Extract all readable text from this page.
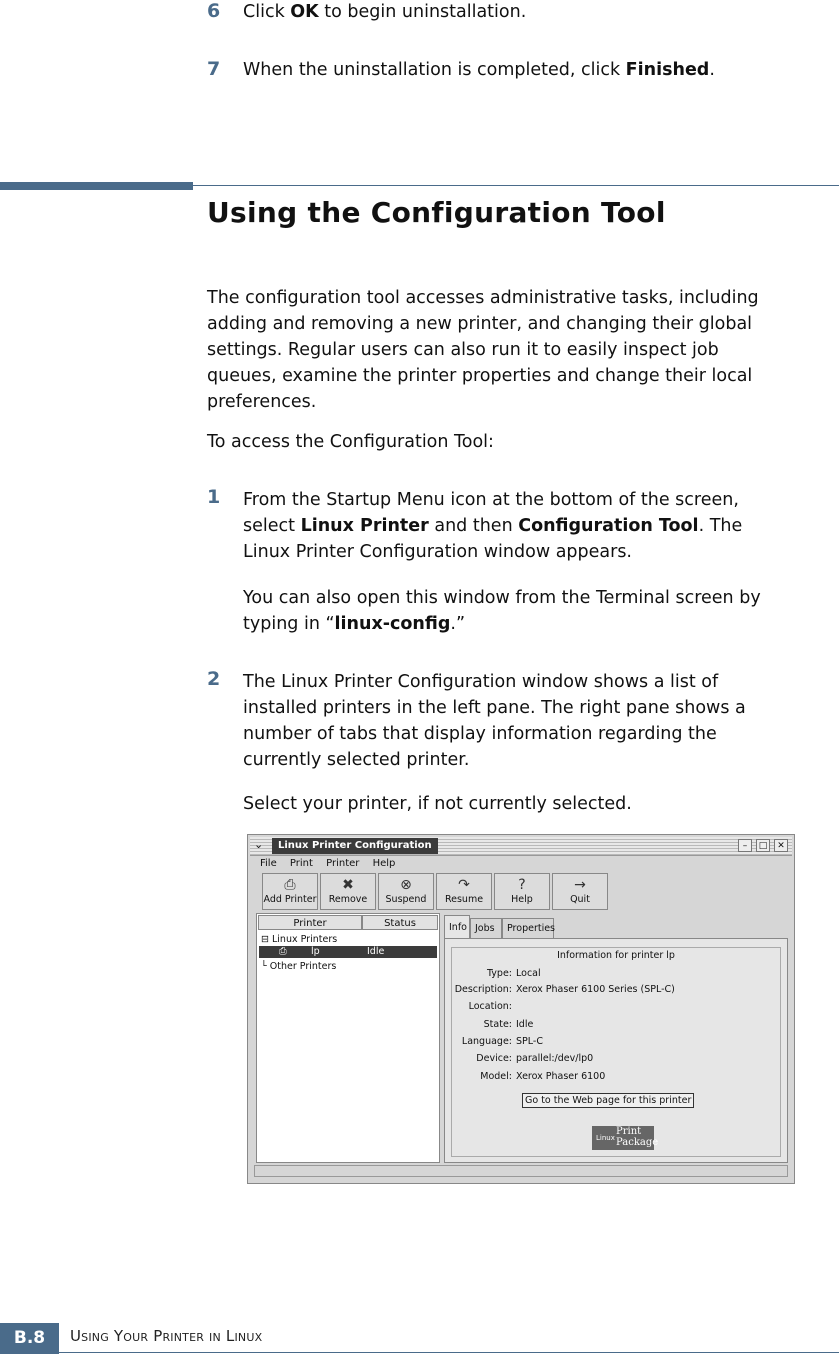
6 Click OK to begin uninstallation.
7 When the uninstallation is completed, click Finished.
Using the Configuration Tool
The configuration tool accesses administrative tasks, including
adding and removing a new printer, and changing their global
settings. Regular users can also run it to easily inspect job
queues, examine the printer properties and change their local
preferences.
To access the Configuration Tool:
1 From the Startup Menu icon at the bottom of the screen,
select Linux Printer and then Configuration Tool. The
Linux Printer Configuration window appears.
You can also open this window from the Terminal screen by
typing in “linux-config.”
2 The Linux Printer Configuration window shows a list of
installed printers in the left pane. The right pane shows a
number of tabs that display information regarding the
currently selected printer.
Select your printer, if not currently selected.
⌄	Linux Printer Configuration	–	□	✕
File Print Printer Help
⎙
Add Printer
✖
Remove
⊗
Suspend
↷
Resume
?
Help
→
Quit
Printer	Status
⊟ Linux Printers
⎙	lp	Idle
└ Other Printers
Info Jobs	Properties
Information for printer lp
Type: Local
Description: Xerox Phaser 6100 Series (SPL-C)
Location:
State: Idle
Language: SPL-C
Device: parallel:/dev/lp0
Model: Xerox Phaser 6100
Go to the Web page for this printer
Linux
Print
Package
B.8	Using Your Printer in Linux
